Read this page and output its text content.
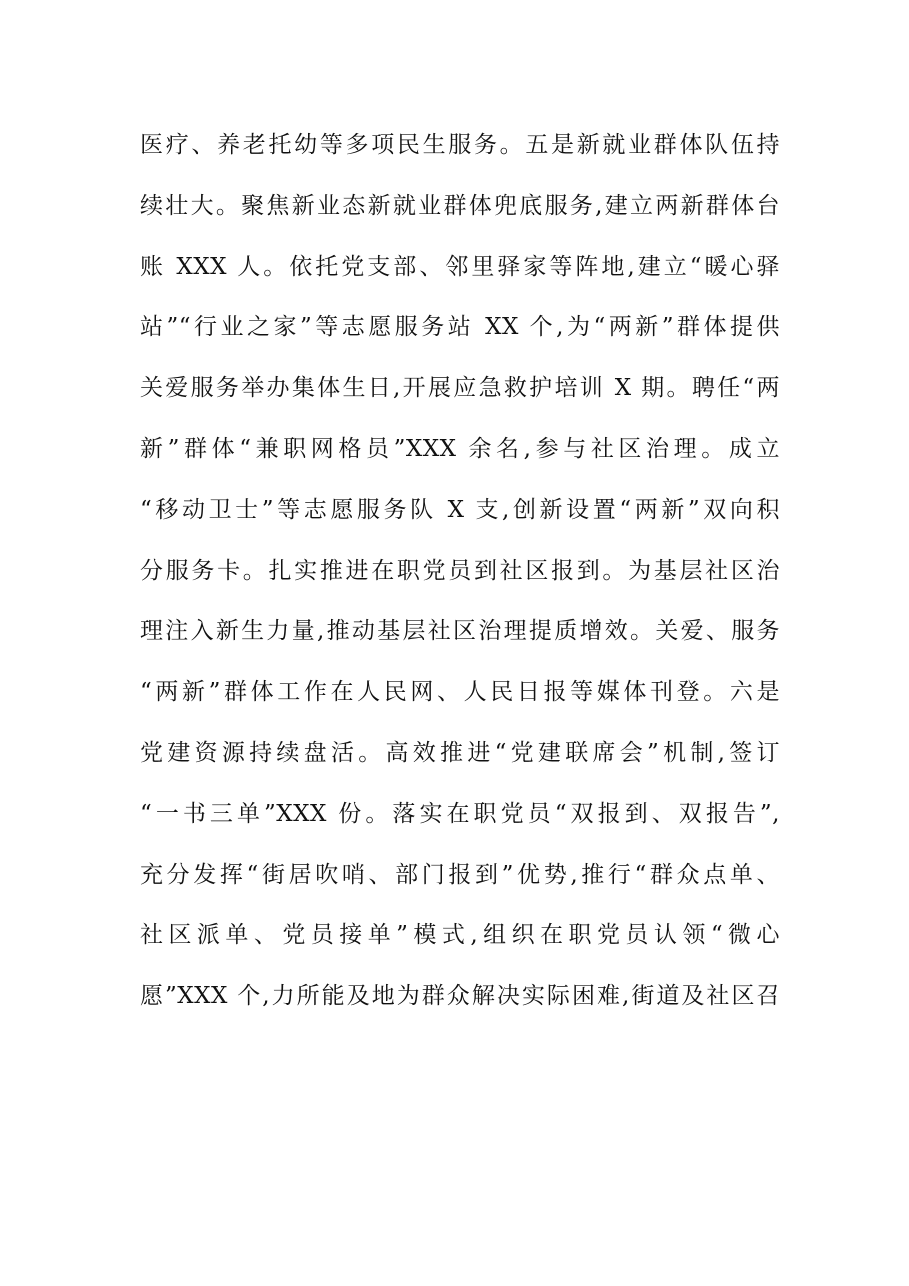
医疗、养老托幼等多项民生服务。五是新就业群体队伍持
续壮大。聚焦新业态新就业群体兜底服务,建立两新群体台
账 XXX 人。依托党支部、邻里驿家等阵地,建立“暖心驿
站”“行业之家”等志愿服务站 XX 个,为“两新”群体提供
关爱服务举办集体生日,开展应急救护培训 X 期。聘任“两
新”群体“兼职网格员”XXX 余名,参与社区治理。成立
“移动卫士”等志愿服务队 X 支,创新设置“两新”双向积
分服务卡。扎实推进在职党员到社区报到。为基层社区治
理注入新生力量,推动基层社区治理提质增效。关爱、服务
“两新”群体工作在人民网、人民日报等媒体刊登。六是
党建资源持续盘活。高效推进“党建联席会”机制,签订
“一书三单”XXX 份。落实在职党员“双报到、双报告”,
充分发挥“街居吹哨、部门报到”优势,推行“群众点单、
社区派单、党员接单”模式,组织在职党员认领“微心
愿”XXX 个,力所能及地为群众解决实际困难,街道及社区召
